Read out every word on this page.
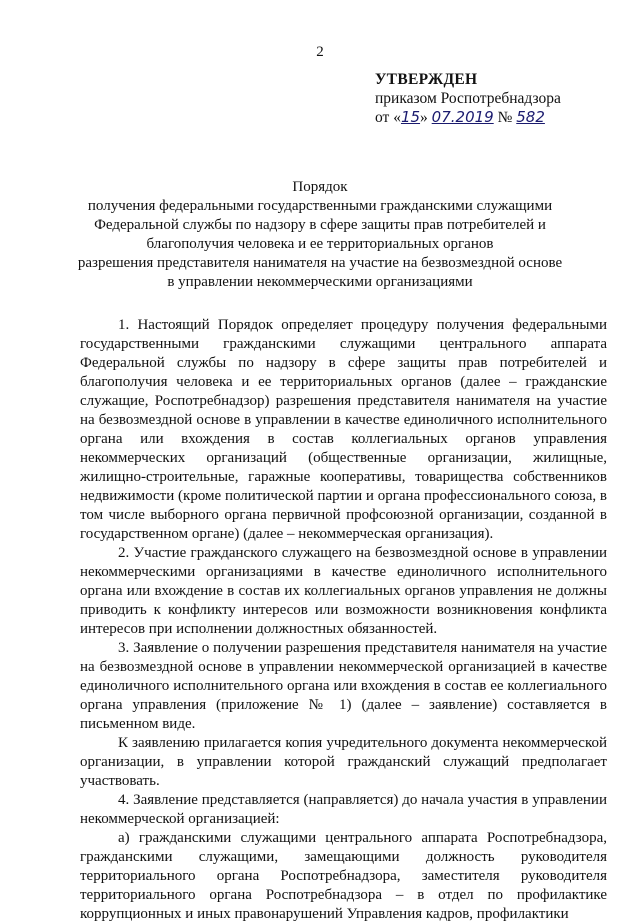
2
УТВЕРЖДЕН
приказом Роспотребнадзора
от «15» 07.2019 № 582
Порядок
получения федеральными государственными гражданскими служащими
Федеральной службы по надзору в сфере защиты прав потребителей и
благополучия человека и ее территориальных органов
разрешения представителя нанимателя на участие на безвозмездной основе
в управлении некоммерческими организациями

1. Настоящий Порядок определяет процедуру получения федеральными государственными гражданскими служащими центрального аппарата Федеральной службы по надзору в сфере защиты прав потребителей и благополучия человека и ее территориальных органов (далее – гражданские служащие, Роспотребнадзор) разрешения представителя нанимателя на участие на безвозмездной основе в управлении в качестве единоличного исполнительного органа или вхождения в состав коллегиальных органов управления некоммерческих организаций (общественные организации, жилищные, жилищно-строительные, гаражные кооперативы, товарищества собственников недвижимости (кроме политической партии и органа профессионального союза, в том числе выборного органа первичной профсоюзной организации, созданной в государственном органе) (далее – некоммерческая организация).

2. Участие гражданского служащего на безвозмездной основе в управлении некоммерческими организациями в качестве единоличного исполнительного органа или вхождение в состав их коллегиальных органов управления не должны приводить к конфликту интересов или возможности возникновения конфликта интересов при исполнении должностных обязанностей.

3. Заявление о получении разрешения представителя нанимателя на участие на безвозмездной основе в управлении некоммерческой организацией в качестве единоличного исполнительного органа или вхождения в состав ее коллегиального органа управления (приложение № 1) (далее – заявление) составляется в письменном виде.

К заявлению прилагается копия учредительного документа некоммерческой организации, в управлении которой гражданский служащий предполагает участвовать.

4. Заявление представляется (направляется) до начала участия в управлении некоммерческой организацией:

а) гражданскими служащими центрального аппарата Роспотребнадзора, гражданскими служащими, замещающими должность руководителя территориального органа Роспотребнадзора, заместителя руководителя территориального органа Роспотребнадзора – в отдел по профилактике коррупционных и иных правонарушений Управления кадров, профилактики
